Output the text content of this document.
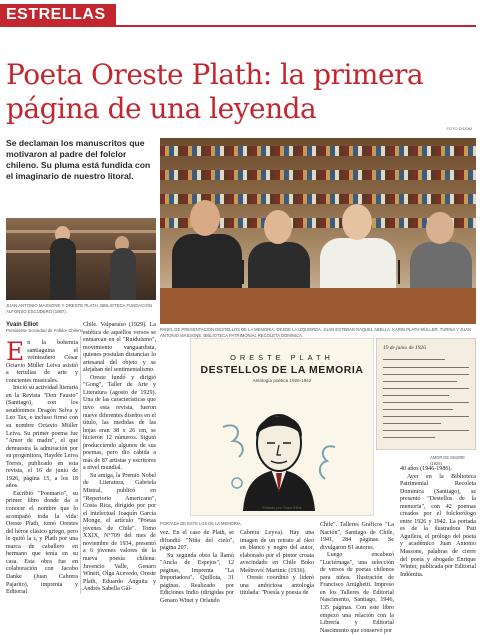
ESTRELLAS
Poeta Oreste Plath: la primera página de una leyenda
FOTO DIDOM
Se declaman los manuscritos que motivaron al padre del folclor chileno. Su pluma está fundida con el imaginario de nuestro litoral.
JUAN ANTONIO MASSONE Y ORESTE PLATH, BIBLIOTECA FUNDACIÓN ALFONSO ESCUDERO (1987).
PANEL DE PRESENTACIÓN DESTELLOS DE LA MEMORIA. DESDE LA IZQUIERDA, JUAN ESTEBAN RAQUEL ABELLA, KARIN PLATH MÜLLER, TURINA Y JUAN ANTONIO MASSONE, BIBLIOTECA PATRIMONIAL RECOLETA DOMINICA.
ORESTE PLATH
DESTELLOS DE LA MEMORIA
Antología poética 1926-1942
Editado por Yvain Elliot
PORTADA DE ESTE LOS DE LA MEMORIA.
19 de junio de 1926
AMOR DE MADRE (1926).
Yvain Elliot
Presidente Sociedad de Folklor Chileno

En la bohemia santiaguina el veinteañero César Octavio Müller Leiva asistió a tertulias de arte y concientes musicales.

Inició su actividad literaria en la Revista "Don Fausto" (Santiago), con los seudónimos Dragón Selva y Leo Tax, e incluso firmó con su nombre Octavio Müller Leiva. Su primer poema fue "Amor de madre", el que demuestra la admiración por su progenitora, Haydée Leiva Torres, publicado en esta revista, el 16 de junio de 1926, página 15, a los 18 años.

Escribió "Poemario", su primer libro donde da a conocer el nombre que lo acompañó toda la vida: Oreste Plath, tomó Orestes del héroe clásico griego, pero le quitó la s, y Plath por una marca de caballero en hermano que tenía en su casa. Esta obra fue en colaboración con Jacobo Danke (Juan Cabrera Pajarito), imprenta y Editorial

Chile. Valparaíso (1929). La estética de aquellos versos se enmarcan en el "Ruiduismo", movimiento vanguardista, quienes postulan distancias lo artesanal del objeto y se alejaban del sentimentalismo.

Oreste fundó y dirigió "Gong", Taller de Arte y Literatura (agosto de 1929). Una de las características que tuvo esta revista, fueron nueve diferentes diseños en el título, las medidas de las hojas eran 38 x 26 cm, se hicieron 12 números. Siguió producciendo algunos de sus poemas, pero dio cabida a más de 87 artistas y escritores a nivel mundial.

Su amiga, la Premio Nobel de Literatura, Gabriela Mistral, publicó en "Repertorio Americano", Costa Rica, dirigido por por el intelectual Joaquín García Monge, el artículo "Poetas jóvenes de Chile". Tomo XXIX, N°709 del mes de noviembre de 1934, presentó a 6 jóvenes valores de la nueva poesía chilena: Juvencio Valle, Genaro Winett, Olga Acevedo, Oreste Plath, Eduardo Anguita y Andrés Sabella Gál-

vez. En el caso de Plath, se difundió "Niña del cielo", página 207.

Su segunda obra la llamó "Ancla de Espejos", 12 páginas, Imprenta "La Importadora", Quillota, 31 páginas. Realizado por Ediciones Indio (dirigidas por Genaro Winet y Orlando

Cabrera Leyva). Hay una imagen de un retrato al óleo en blanco y negro del autor, elaborado por el pintor croata avecindado en Chile Boko Meštrović Martinic (1936).

Oreste coordinó y lideró una ambiciosa antología titulada: "Poesía y poesía de

Chile". Talleres Gráficos "La Nación", Santiago de Chile, 1941, 284 páginas. Se divulgaron 81 autores.

Luego encabezó "Luciérnaga", una selección de versos de poetas chilenos para niños. Ilustración de Francisco Amighetti. Impreso en los Talleres de Editorial Nascimento, Santiago, 1946, 135 páginas. Con este libro empezó una relación con la Librería y Editorial Nascimento que conservó por

40 años (1946-1986).

Ayer en la Biblioteca Patrimonial Recoleta Dominica (Santiago), se presentó "Destellos de la memoria", con 42 poemas creados por el folclorólogo entre 1926 y 1942. La portada es de la ilustradora Pati Aguilera, el prólogo del poeta y académico Juan Antonio Massone, palabras de cierre del poeta y abogado Enrique Winter, publicada por Editorial Indómita.
